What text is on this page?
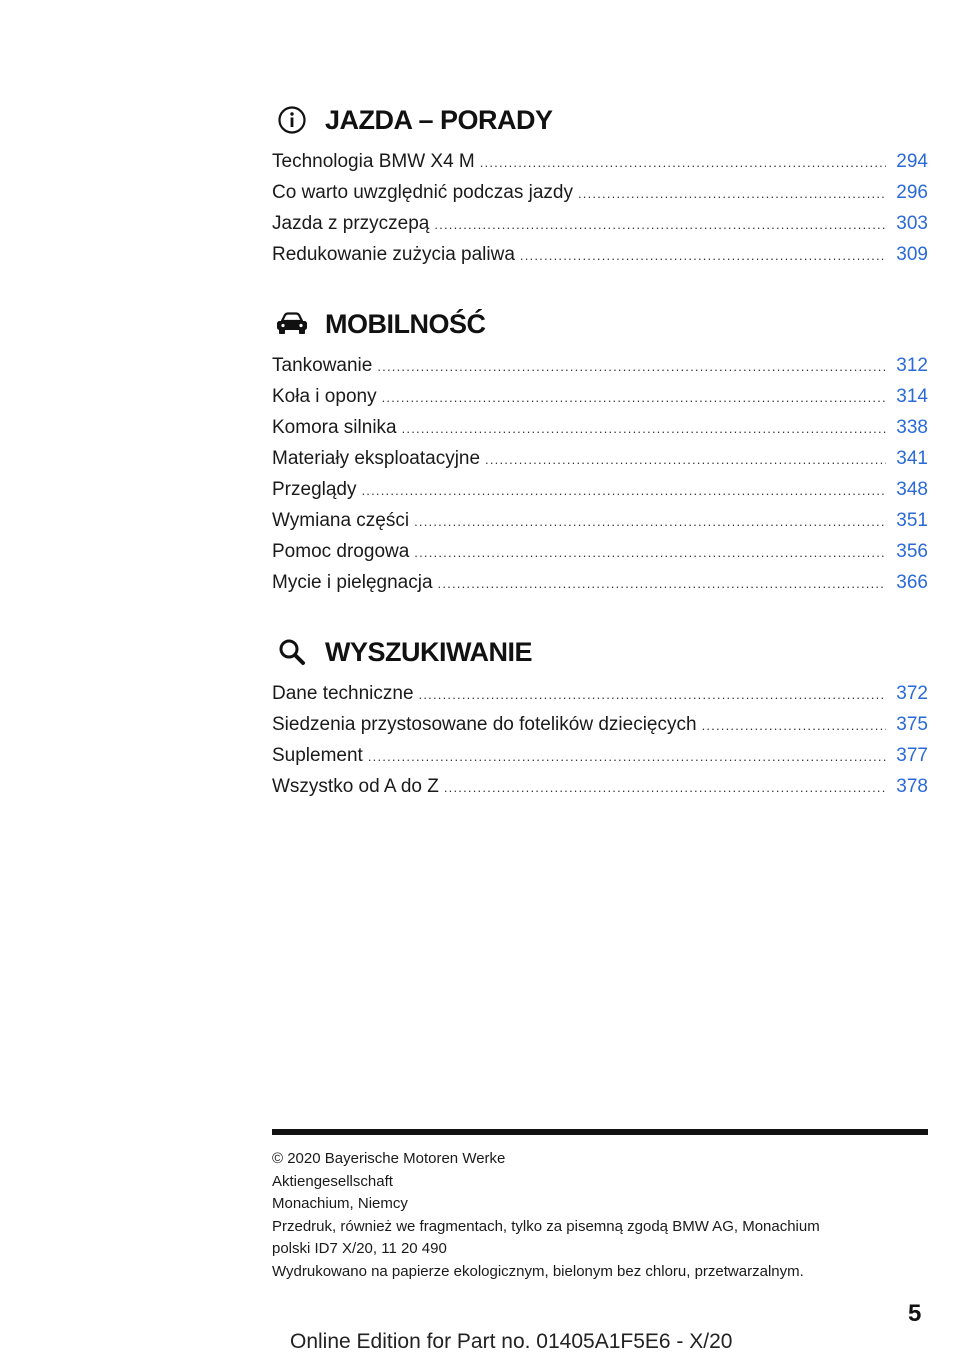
JAZDA – PORADY
Technologia BMW X4 M .....	294
Co warto uwzględnić podczas jazdy .....	296
Jazda z przyczepą .....	303
Redukowanie zużycia paliwa .....	309
MOBILNOŚĆ
Tankowanie .....	312
Koła i opony .....	314
Komora silnika .....	338
Materiały eksploatacyjne .....	341
Przeglądy .....	348
Wymiana części .....	351
Pomoc drogowa .....	356
Mycie i pielęgnacja .....	366
WYSZUKIWANIE
Dane techniczne .....	372
Siedzenia przystosowane do fotelików dziecięcych .....	375
Suplement .....	377
Wszystko od A do Z .....	378
© 2020 Bayerische Motoren Werke
Aktiengesellschaft
Monachium, Niemcy
Przedruk, również we fragmentach, tylko za pisemną zgodą BMW AG, Monachium
polski ID7 X/20, 11 20 490
Wydrukowano na papierze ekologicznym, bielonym bez chloru, przetwarzalnym.
5
Online Edition for Part no. 01405A1F5E6 - X/20
